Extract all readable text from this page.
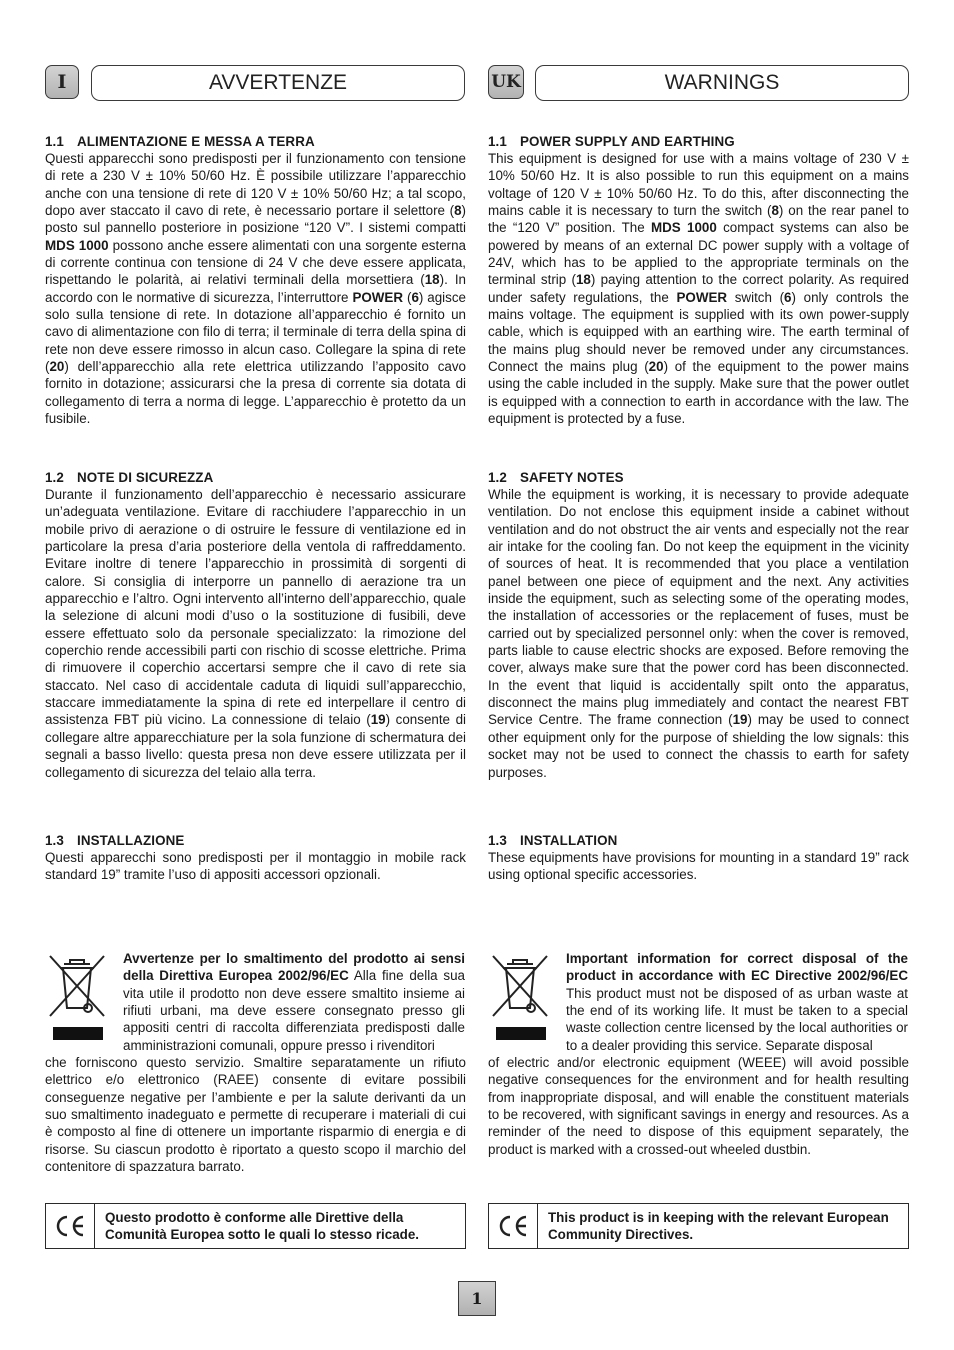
I	AVVERTENZE	UK	WARNINGS
1.1 ALIMENTAZIONE E MESSA A TERRA

Questi apparecchi sono predisposti per il funzionamento con tensione di rete a 230 V ± 10% 50/60 Hz. È possibile utilizzare l’apparecchio anche con una tensione di rete di 120 V ± 10% 50/60 Hz; a tal scopo, dopo aver staccato il cavo di rete, è necessario portare il selettore (8) posto sul pannello posteriore in posizione “120 V”. I sistemi compatti MDS 1000 possono anche essere alimentati con una sorgente esterna di corrente continua con tensione di 24 V che deve essere applicata, rispettando le polarità, ai relativi terminali della morsettiera (18). In accordo con le normative di sicurezza, l’interruttore POWER (6) agisce solo sulla tensione di rete. In dotazione all’apparecchio é fornito un cavo di alimentazione con filo di terra; il terminale di terra della spina di rete non deve essere rimosso in alcun caso. Collegare la spina di rete (20) dell’apparecchio alla rete elettrica utilizzando l’apposito cavo fornito in dotazione; assicurarsi che la presa di corrente sia dotata di collegamento di terra a norma di legge. L’apparecchio è protetto da un fusibile.

1.2 NOTE DI SICUREZZA

Durante il funzionamento dell’apparecchio è necessario assicurare un’adeguata ventilazione. Evitare di racchiudere l’apparecchio in un mobile privo di aerazione o di ostruire le fessure di ventilazione ed in particolare la presa d’aria posteriore della ventola di raffreddamento. Evitare inoltre di tenere l’apparecchio in prossimità di sorgenti di calore. Si consiglia di interporre un pannello di aerazione tra un apparecchio e l’altro. Ogni intervento all’interno dell’apparecchio, quale la selezione di alcuni modi d’uso o la sostituzione di fusibili, deve essere effettuato solo da personale specializzato: la rimozione del coperchio rende accessibili parti con rischio di scosse elettriche. Prima di rimuovere il coperchio accertarsi sempre che il cavo di rete sia staccato. Nel caso di accidentale caduta di liquidi sull’apparecchio, staccare immediatamente la spina di rete ed interpellare il centro di assistenza FBT più vicino. La connessione di telaio (19) consente di collegare altre apparecchiature per la sola funzione di schermatura dei segnali a basso livello: questa presa non deve essere utilizzata per il collegamento di sicurezza del telaio alla terra.

1.3 INSTALLAZIONE

Questi apparecchi sono predisposti per il montaggio in mobile rack standard 19” tramite l’uso di appositi accessori opzionali.

Avvertenze per lo smaltimento del prodotto ai sensi della Direttiva Europea 2002/96/EC Alla fine della sua vita utile il prodotto non deve essere smaltito insieme ai rifiuti urbani, ma deve essere consegnato presso gli appositi centri di raccolta differenziata predisposti dalle amministrazioni comunali, oppure presso i rivenditori

che forniscono questo servizio. Smaltire separatamente un rifiuto elettrico e/o elettronico (RAEE) consente di evitare possibili conseguenze negative per l’ambiente e per la salute derivanti da un suo smaltimento inadeguato e permette di recuperare i materiali di cui è composto al fine di ottenere un importante risparmio di energia e di risorse. Su ciascun prodotto è riportato a questo scopo il marchio del contenitore di spazzatura barrato.

Questo prodotto è conforme alle Direttive della Comunità Europea sotto le quali lo stesso ricade.

1.1 POWER SUPPLY AND EARTHING

This equipment is designed for use with a mains voltage of 230 V ± 10% 50/60 Hz. It is also possible to run this equipment on a mains voltage of 120 V ± 10% 50/60 Hz. To do this, after disconnecting the mains cable it is necessary to turn the switch (8) on the rear panel to the “120 V” position. The MDS 1000 compact systems can also be powered by means of an external DC power supply with a voltage of 24V, which has to be applied to the appropriate terminals on the terminal strip (18) paying attention to the correct polarity. As required under safety regulations, the POWER switch (6) only controls the mains voltage. The equipment is supplied with its own power-supply cable, which is equipped with an earthing wire. The earth terminal of the mains plug should never be removed under any circumstances. Connect the mains plug (20) of the equipment to the power mains using the cable included in the supply. Make sure that the power outlet is equipped with a connection to earth in accordance with the law. The equipment is protected by a fuse.

1.2 SAFETY NOTES

While the equipment is working, it is necessary to provide adequate ventilation. Do not enclose this equipment inside a cabinet without ventilation and do not obstruct the air vents and especially not the rear air intake for the cooling fan. Do not keep the equipment in the vicinity of sources of heat. It is recommended that you place a ventilation panel between one piece of equipment and the next. Any activities inside the equipment, such as selecting some of the operating modes, the installation of accessories or the replacement of fuses, must be carried out by specialized personnel only: when the cover is removed, parts liable to cause electric shocks are exposed. Before removing the cover, always make sure that the power cord has been disconnected. In the event that liquid is accidentally spilt onto the apparatus, disconnect the mains plug immediately and contact the nearest FBT Service Centre. The frame connection (19) may be used to connect other equipment only for the purpose of shielding the low signals: this socket may not be used to connect the chassis to earth for safety purposes.

1.3 INSTALLATION

These equipments have provisions for mounting in a standard 19” rack using optional specific accessories.

Important information for correct disposal of the product in accordance with EC Directive 2002/96/EC This product must not be disposed of as urban waste at the end of its working life. It must be taken to a special waste collection centre licensed by the local authorities or to a dealer providing this service. Separate disposal

of electric and/or electronic equipment (WEEE) will avoid possible negative consequences for the environment and for health resulting from inappropriate disposal, and will enable the constituent materials to be recovered, with significant savings in energy and resources. As a reminder of the need to dispose of this equipment separately, the product is marked with a crossed-out wheeled dustbin.

This product is in keeping with the relevant European Community Directives.

1
